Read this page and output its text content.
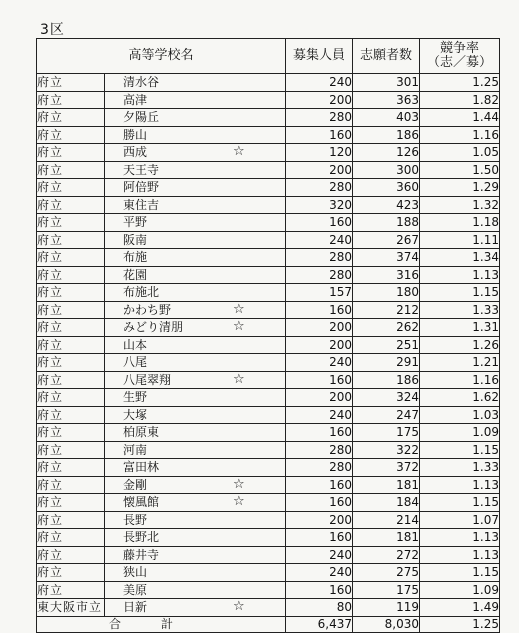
3区
高等学校名		募集人員	志願者数	競争率
（志／募）
府立	清水谷	240	301	1.25
府立	高津	200	363	1.82
府立	夕陽丘	280	403	1.44
府立	勝山	160	186	1.16
府立	西成 ☆	120	126	1.05
府立	天王寺	200	300	1.50
府立	阿倍野	280	360	1.29
府立	東住吉	320	423	1.32
府立	平野	160	188	1.18
府立	阪南	240	267	1.11
府立	布施	280	374	1.34
府立	花園	280	316	1.13
府立	布施北	157	180	1.15
府立	かわち野 ☆	160	212	1.33
府立	みどり清朋 ☆	200	262	1.31
府立	山本	200	251	1.26
府立	八尾	240	291	1.21
府立	八尾翠翔 ☆	160	186	1.16
府立	生野	200	324	1.62
府立	大塚	240	247	1.03
府立	柏原東	160	175	1.09
府立	河南	280	322	1.15
府立	富田林	280	372	1.33
府立	金剛 ☆	160	181	1.13
府立	懐風館 ☆	160	184	1.15
府立	長野	200	214	1.07
府立	長野北	160	181	1.13
府立	藤井寺	240	272	1.13
府立	狭山	240	275	1.15
府立	美原	160	175	1.09
東大阪市立	日新 ☆	80	119	1.49
合計		6,437	8,030	1.25
